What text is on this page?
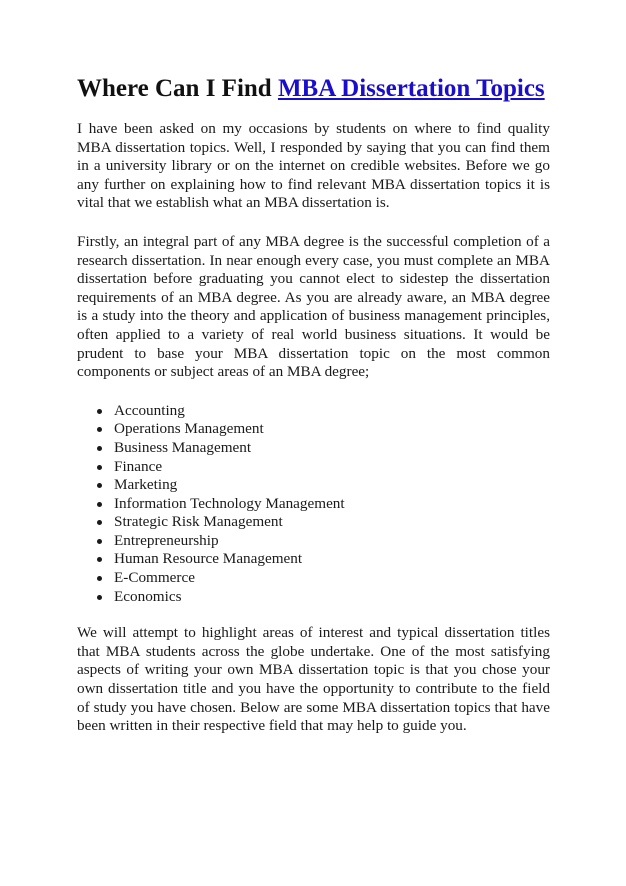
Where Can I Find MBA Dissertation Topics

I have been asked on my occasions by students on where to find quality MBA dissertation topics. Well, I responded by saying that you can find them in a university library or on the internet on credible websites. Before we go any further on explaining how to find relevant MBA dissertation topics it is vital that we establish what an MBA dissertation is.

Firstly, an integral part of any MBA degree is the successful completion of a research dissertation. In near enough every case, you must complete an MBA dissertation before graduating you cannot elect to sidestep the dissertation requirements of an MBA degree. As you are already aware, an MBA degree is a study into the theory and application of business management principles, often applied to a variety of real world business situations. It would be prudent to base your MBA dissertation topic on the most common components or subject areas of an MBA degree;

Accounting
Operations Management
Business Management
Finance
Marketing
Information Technology Management
Strategic Risk Management
Entrepreneurship
Human Resource Management
E-Commerce
Economics

We will attempt to highlight areas of interest and typical dissertation titles that MBA students across the globe undertake. One of the most satisfying aspects of writing your own MBA dissertation topic is that you chose your own dissertation title and you have the opportunity to contribute to the field of study you have chosen. Below are some MBA dissertation topics that have been written in their respective field that may help to guide you.
